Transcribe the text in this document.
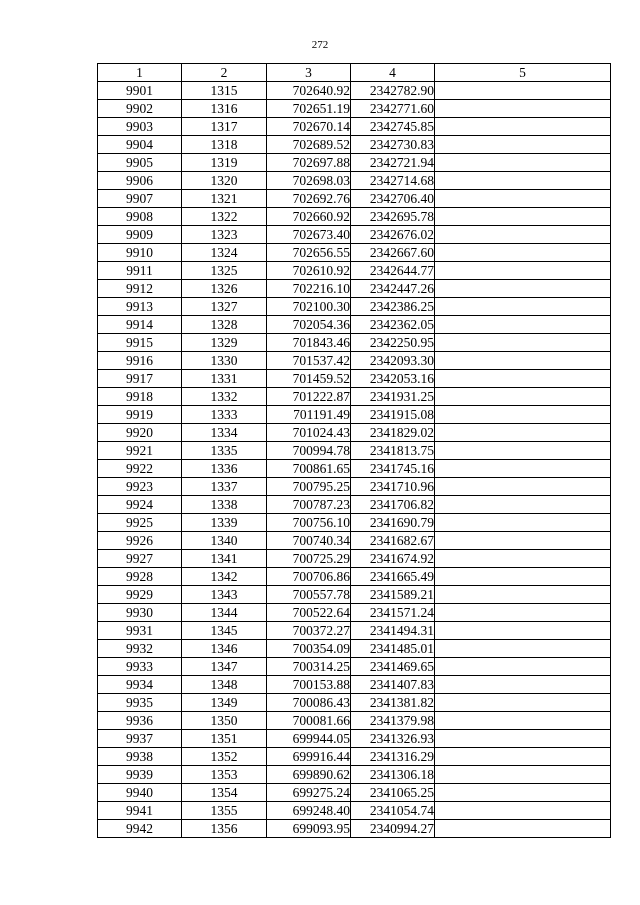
272
1	2	3	4	5
9901	1315	702640.92	2342782.90	
9902	1316	702651.19	2342771.60	
9903	1317	702670.14	2342745.85	
9904	1318	702689.52	2342730.83	
9905	1319	702697.88	2342721.94	
9906	1320	702698.03	2342714.68	
9907	1321	702692.76	2342706.40	
9908	1322	702660.92	2342695.78	
9909	1323	702673.40	2342676.02	
9910	1324	702656.55	2342667.60	
9911	1325	702610.92	2342644.77	
9912	1326	702216.10	2342447.26	
9913	1327	702100.30	2342386.25	
9914	1328	702054.36	2342362.05	
9915	1329	701843.46	2342250.95	
9916	1330	701537.42	2342093.30	
9917	1331	701459.52	2342053.16	
9918	1332	701222.87	2341931.25	
9919	1333	701191.49	2341915.08	
9920	1334	701024.43	2341829.02	
9921	1335	700994.78	2341813.75	
9922	1336	700861.65	2341745.16	
9923	1337	700795.25	2341710.96	
9924	1338	700787.23	2341706.82	
9925	1339	700756.10	2341690.79	
9926	1340	700740.34	2341682.67	
9927	1341	700725.29	2341674.92	
9928	1342	700706.86	2341665.49	
9929	1343	700557.78	2341589.21	
9930	1344	700522.64	2341571.24	
9931	1345	700372.27	2341494.31	
9932	1346	700354.09	2341485.01	
9933	1347	700314.25	2341469.65	
9934	1348	700153.88	2341407.83	
9935	1349	700086.43	2341381.82	
9936	1350	700081.66	2341379.98	
9937	1351	699944.05	2341326.93	
9938	1352	699916.44	2341316.29	
9939	1353	699890.62	2341306.18	
9940	1354	699275.24	2341065.25	
9941	1355	699248.40	2341054.74	
9942	1356	699093.95	2340994.27	
